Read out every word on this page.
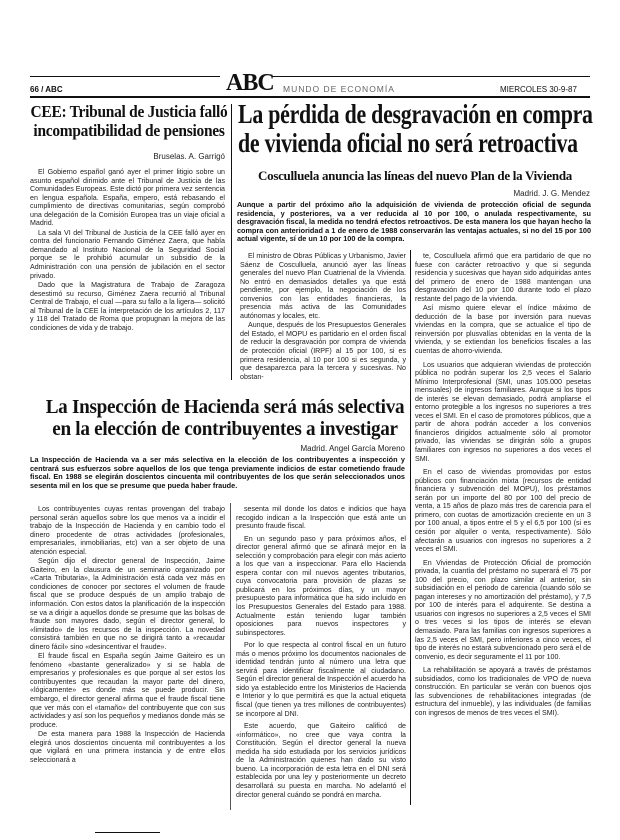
66 / ABC	ABC MUNDO DE ECONOMÍA	MIERCOLES 30-9-87
CEE: Tribunal de Justicia falló incompatibilidad de pensiones
Bruselas. A. Garrigó

El Gobierno español ganó ayer el primer litigio sobre un asunto español dirimido ante el Tribunal de Justicia de las Comunidades Europeas. Este dictó por primera vez sentencia en lengua española. España, empero, está rebasando el cumplimiento de directivas comunitarias, según comprobó una delegación de la Comisión Europea tras un viaje oficial a Madrid.

La sala VI del Tribunal de Justicia de la CEE falló ayer en contra del funcionario Fernando Giménez Zaera, que había demandado al Instituto Nacional de la Seguridad Social porque se le prohibió acumular un subsidio de la Administración con una pensión de jubilación en el sector privado.

Dado que la Magistratura de Trabajo de Zaragoza desestimó su recurso, Giménez Zaera recurrió al Tribunal Central de Trabajo, el cual —para su fallo a la ligera— solicitó al Tribunal de la CEE la interpretación de los artículos 2, 117 y 118 del Tratado de Roma que propugnan la mejora de las condiciones de vida y de trabajo.

La pérdida de desgravación en compra de vivienda oficial no será retroactiva
Cosculluela anuncia las líneas del nuevo Plan de la Vivienda
Madrid. J. G. Mendez
Aunque a partir del próximo año la adquisición de vivienda de protección oficial de segunda residencia, y posteriores, va a ver reducida al 10 por 100, o anulada respectivamente, su desgravación fiscal, la medida no tendrá efectos retroactivos. De esta manera los que hayan hecho la compra con anterioridad a 1 de enero de 1988 conservarán las ventajas actuales, si no del 15 por 100 actual vigente, sí de un 10 por 100 de la compra.

El ministro de Obras Públicas y Urbanismo, Javier Sáenz de Cosculluela, anunció ayer las líneas generales del nuevo Plan Cuatrienal de la Vivienda. No entró en demasiados detalles ya que está pendiente, por ejemplo, la negociación de los convenios con las entidades financieras, la presencia más activa de las Comunidades autónomas y locales, etc.

Aunque, después de los Presupuestos Generales del Estado, el MOPU es partidario en el orden fiscal de reducir la desgravación por compra de vivienda de protección oficial (IRPF) al 15 por 100, si es primera residencia, al 10 por 100 si es segunda, y que desaparezca para la tercera y sucesivas. No obstan-

te, Cosculluela afirmó que era partidario de que no fuese con carácter retroactivo y que si segunda residencia y sucesivas que hayan sido adquiridas antes del primero de enero de 1988 mantengan una desgravación del 10 por 100 durante todo el plazo restante del pago de la vivienda.

Así mismo quiere elevar el índice máximo de deducción de la base por inversión para nuevas viviendas en la compra, que se actualice el tipo de reinversión por plusvalías obtenidas en la venta de la vivienda, y se extiendan los beneficios fiscales a las cuentas de ahorro-vivienda.

Los usuarios que adquieran viviendas de protección pública no podrán superar los 2,5 veces el Salario Mínimo Interprofesional (SMI, unas 105.000 pesetas mensuales) de ingresos familiares. Aunque si los tipos de interés se elevan demasiado, podrá ampliarse el entorno protegible a los ingresos no superiores a tres veces el SMI. En el caso de promotores públicos, que a partir de ahora podrán acceder a los convenios financieros dirigidos actualmente sólo al promotor privado, las viviendas se dirigirán sólo a grupos familiares con ingresos no superiores a dos veces el SMI.

En el caso de viviendas promovidas por estos públicos con financiación mixta (recursos de entidad financiera y subvención del MOPU), los préstamos serán por un importe del 80 por 100 del precio de venta, a 15 años de plazo más tres de carencia para el primero, con cuotas de amortización creciente en un 3 por 100 anual, a tipos entre el 5 y el 6,5 por 100 (si es cesión por alquiler o venta, respectivamente). Sólo afectarán a usuarios con ingresos no superiores a 2 veces el SMI.

En Viviendas de Protección Oficial de promoción privada, la cuantía del préstamo no superará el 75 por 100 del precio, con plazo similar al anterior, sin subsidiación en el periodo de carencia (cuando sólo se pagan intereses y no amortización del préstamo), y 7,5 por 100 de interés para el adquirente. Se destina a usuarios con ingresos no superiores a 2,5 veces el SMI o tres veces si los tipos de interés se elevan demasiado. Para las familias con ingresos superiores a las 2,5 veces el SMI, pero inferiores a cinco veces, el tipo de interés no estará subvencionado pero será el de convenio, es decir seguramente el 11 por 100.

La rehabilitación se apoyará a través de préstamos subsidiados, como los tradicionales de VPO de nueva construcción. En particular se verán con buenos ojos las subvenciones de rehabilitaciones integradas (de estructura del inmueble), y las individuales (de familias con ingresos de menos de tres veces el SMI).

La Inspección de Hacienda será más selectiva en la elección de contribuyentes a investigar
Madrid. Angel García Moreno
La Inspección de Hacienda va a ser más selectiva en la elección de los contribuyentes a inspección y centrará sus esfuerzos sobre aquellos de los que tenga previamente indicios de estar cometiendo fraude fiscal. En 1988 se elegirán doscientos cincuenta mil contribuyentes de los que serán seleccionados unos sesenta mil en los que se presume que pueda haber fraude.

Los contribuyentes cuyas rentas provengan del trabajo personal serán aquellos sobre los que menos va a incidir el trabajo de la Inspección de Hacienda y en cambio todo el dinero procedente de otras actividades (profesionales, empresariales, inmobiliarias, etc) van a ser objeto de una atención especial.

Según dijo el director general de Inspección, Jaime Gaiteiro, en la clausura de un seminario organizado por «Carta Tributaria», la Administración está cada vez más en condiciones de conocer por sectores el volumen de fraude fiscal que se produce después de un amplio trabajo de información. Con estos datos la planificación de la inspección se va a dirigir a aquellos donde se presume que las bolsas de fraude son mayores dado, según el director general, lo «limitado» de los recursos de la inspección. La novedad consistirá también en que no se dirigirá tanto a «recaudar dinero fácil» sino «desincentivar el fraude».

El fraude fiscal en España según Jaime Gaiteiro es un fenómeno «bastante generalizado» y si se habla de empresarios y profesionales es que porque al ser estos los contribuyentes que recaudan la mayor parte del dinero, «lógicamente» es donde más se puede producir. Sin embargo, el director general afirma que el fraude fiscal tiene que ver más con el «tamaño» del contribuyente que con sus actividades y así son los pequeños y medianos donde más se produce.

De esta manera para 1988 la Inspección de Hacienda elegirá unos doscientos cincuenta mil contribuyentes a los que vigilará en una primera instancia y de entre ellos seleccionará a

sesenta mil donde los datos e indicios que haya recogido indican a la Inspección que está ante un presunto fraude fiscal.

En un segundo paso y para próximos años, el director general afirmó que se afinará mejor en la selección y comprobación para elegir con más acierto a los que van a inspeccionar. Para ello Hacienda espera contar con mil nuevos agentes tributarios, cuya convocatoria para provisión de plazas se publicará en los próximos días, y un mayor presupuesto para informática que ha sido incluido en los Presupuestos Generales del Estado para 1988. Actualmente están teniendo lugar también oposiciones para nuevos inspectores y subinspectores.

Por lo que respecta al control fiscal en un futuro más o menos próximo los documentos nacionales de identidad tendrán junto al número una letra que servirá para identificar fiscalmente al ciudadano. Según el director general de Inspección el acuerdo ha sido ya establecido entre los Ministerios de Hacienda e Interior y lo que permitirá es que la actual etiqueta fiscal (que tienen ya tres millones de contribuyentes) se incorpore al DNI.

Este acuerdo, que Gaiteiro calificó de «informático», no cree que vaya contra la Constitución. Según el director general la nueva medida ha sido estudiada por los servicios jurídicos de la Administración quienes han dado su visto bueno. La incorporación de esta letra en el DNI será establecida por una ley y posteriormente un decreto desarrollará su puesta en marcha. No adelantó el director general cuándo se pondrá en marcha.
